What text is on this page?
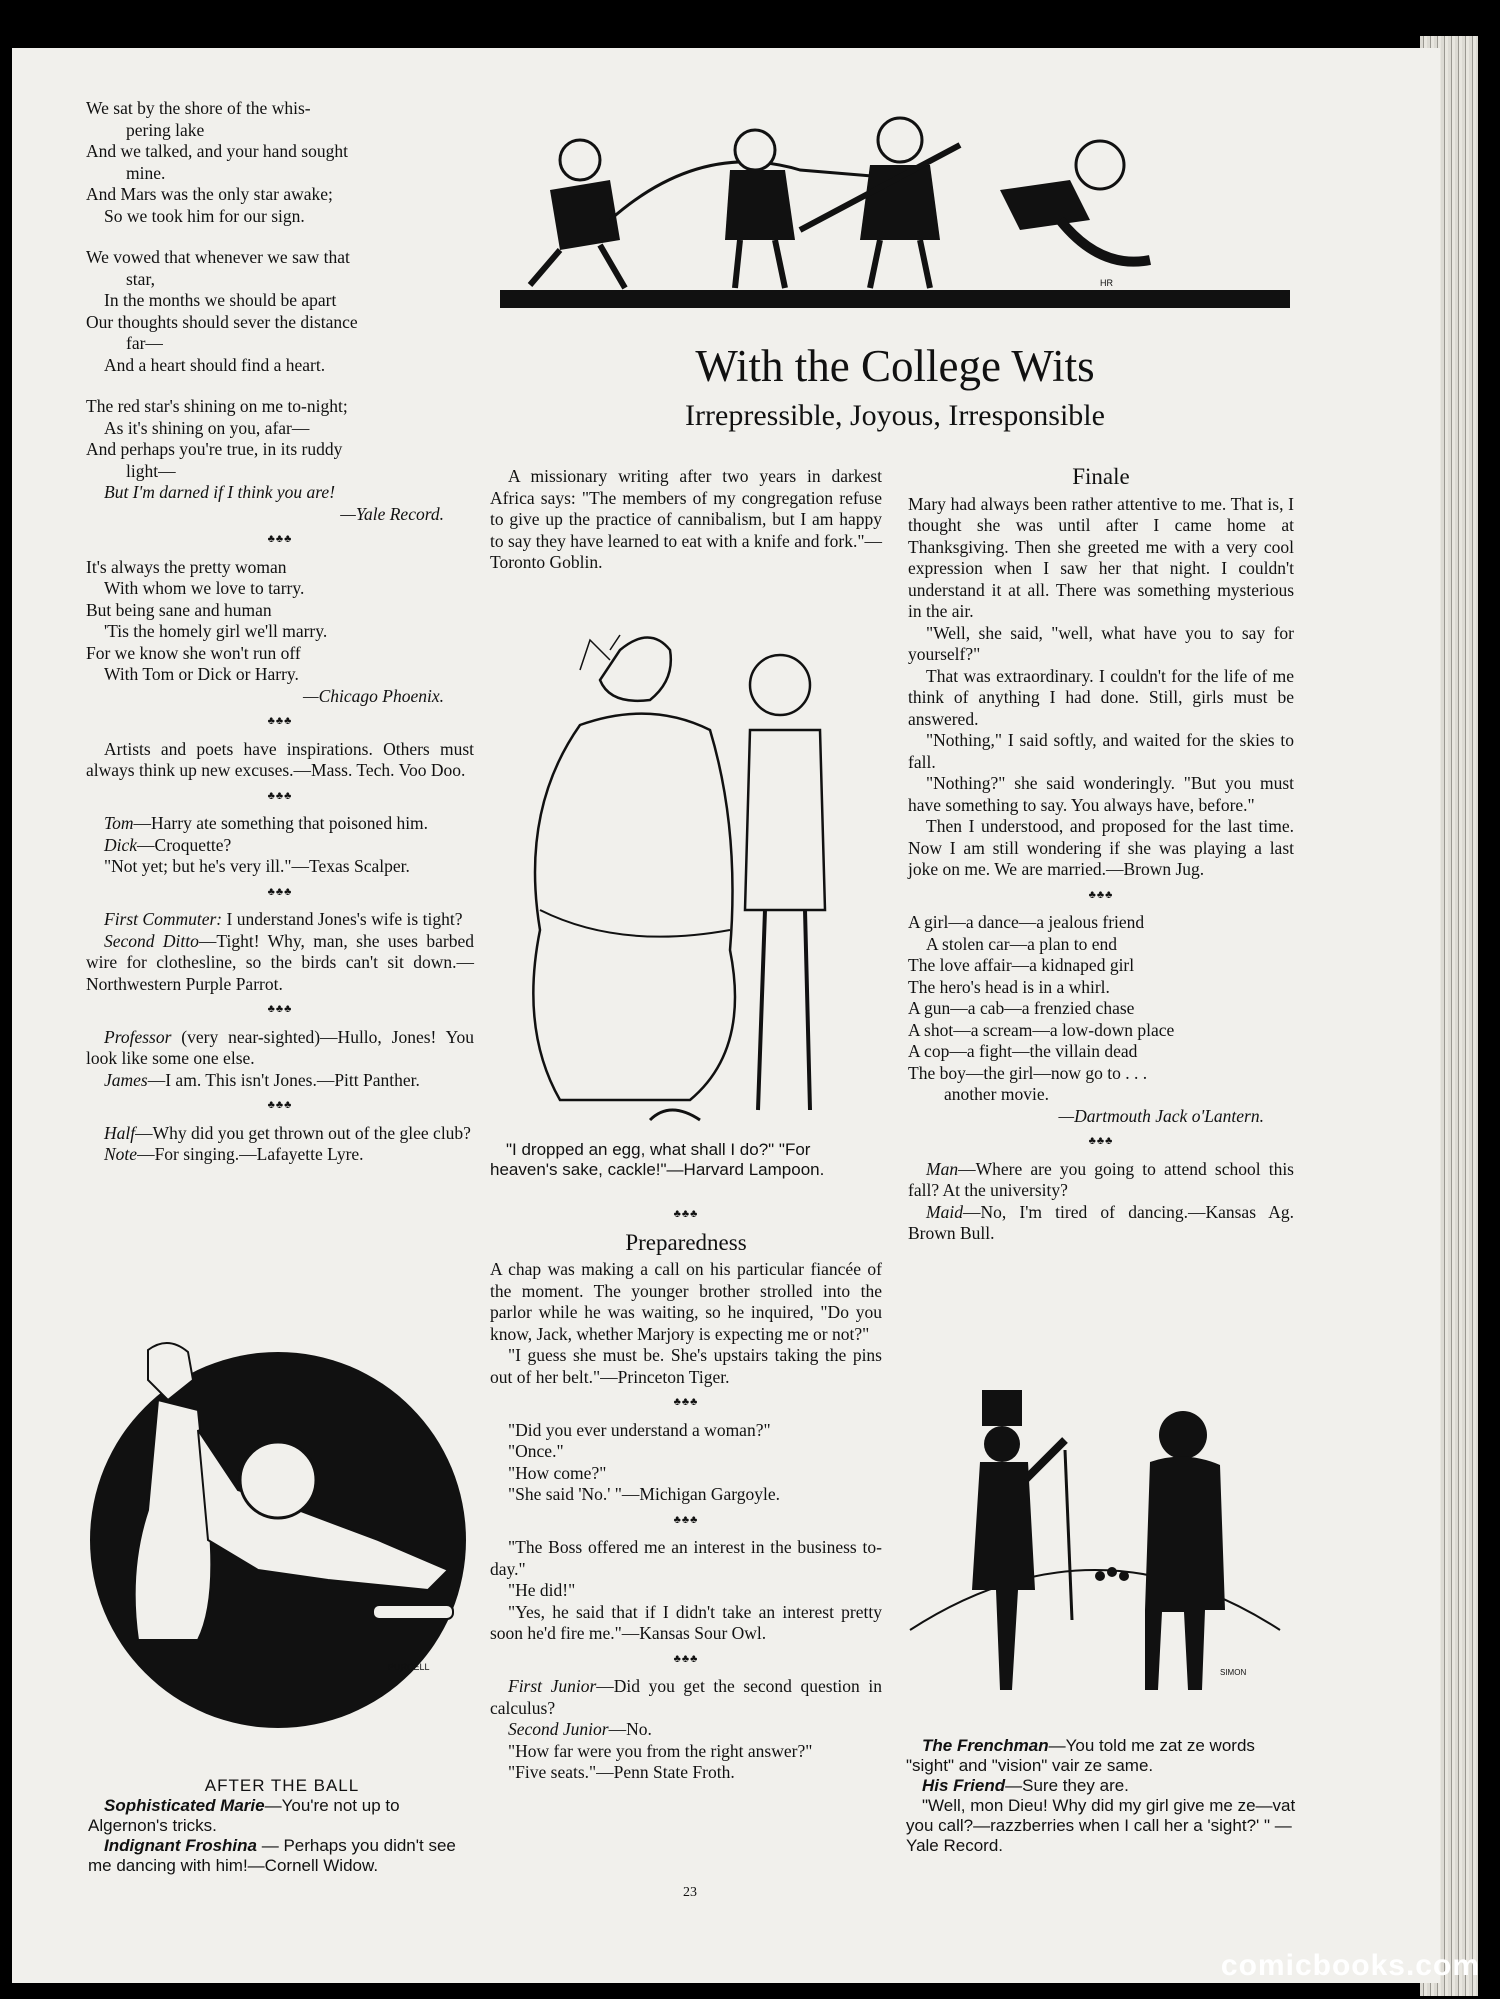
We sat by the shore of the whis-

pering lake

And we talked, and your hand sought

mine.

And Mars was the only star awake;

So we took him for our sign.

We vowed that whenever we saw that

star,

In the months we should be apart

Our thoughts should sever the distance

far—

And a heart should find a heart.

The red star's shining on me to-night;

As it's shining on you, afar—

And perhaps you're true, in its ruddy

light—

But I'm darned if I think you are!

—Yale Record.

♣♣♣

It's always the pretty woman

With whom we love to tarry.

But being sane and human

'Tis the homely girl we'll marry.

For we know she won't run off

With Tom or Dick or Harry.

—Chicago Phoenix.

♣♣♣

Artists and poets have inspirations. Others must always think up new excuses.—Mass. Tech. Voo Doo.

♣♣♣

Tom—Harry ate something that poisoned him.

Dick—Croquette?

"Not yet; but he's very ill."—Texas Scalper.

♣♣♣

First Commuter: I understand Jones's wife is tight?

Second Ditto—Tight! Why, man, she uses barbed wire for clothesline, so the birds can't sit down.—Northwestern Purple Parrot.

♣♣♣

Professor (very near-sighted)—Hullo, Jones! You look like some one else.

James—I am. This isn't Jones.—Pitt Panther.

♣♣♣

Half—Why did you get thrown out of the glee club?

Note—For singing.—Lafayette Lyre.

PURCELL

AFTER THE BALL

Sophisticated Marie—You're not up to Algernon's tricks.

Indignant Froshina — Perhaps you didn't see me dancing with him!—Cornell Widow.

HR
With the College Wits
Irrepressible, Joyous, Irresponsible

A missionary writing after two years in darkest Africa says: "The members of my congregation refuse to give up the practice of cannibalism, but I am happy to say they have learned to eat with a knife and fork."—Toronto Goblin.

"I dropped an egg, what shall I do?" "For heaven's sake, cackle!"—Harvard Lampoon.

♣♣♣
Preparedness

A chap was making a call on his particular fiancée of the moment. The younger brother strolled into the parlor while he was waiting, so he inquired, "Do you know, Jack, whether Marjory is expecting me or not?"

"I guess she must be. She's upstairs taking the pins out of her belt."—Princeton Tiger.

♣♣♣

"Did you ever understand a woman?"

"Once."

"How come?"

"She said 'No.' "—Michigan Gargoyle.

♣♣♣

"The Boss offered me an interest in the business to-day."

"He did!"

"Yes, he said that if I didn't take an interest pretty soon he'd fire me."—Kansas Sour Owl.

♣♣♣

First Junior—Did you get the second question in calculus?

Second Junior—No.

"How far were you from the right answer?"

"Five seats."—Penn State Froth.

23
Finale

Mary had always been rather attentive to me. That is, I thought she was until after I came home at Thanksgiving. Then she greeted me with a very cool expression when I saw her that night. I couldn't understand it at all. There was something mysterious in the air.

"Well, she said, "well, what have you to say for yourself?"

That was extraordinary. I couldn't for the life of me think of anything I had done. Still, girls must be answered.

"Nothing," I said softly, and waited for the skies to fall.

"Nothing?" she said wonderingly. "But you must have something to say. You always have, before."

Then I understood, and proposed for the last time. Now I am still wondering if she was playing a last joke on me. We are married.—Brown Jug.

♣♣♣

A girl—a dance—a jealous friend

A stolen car—a plan to end

The love affair—a kidnaped girl

The hero's head is in a whirl.

A gun—a cab—a frenzied chase

A shot—a scream—a low-down place

A cop—a fight—the villain dead

The boy—the girl—now go to . . .

another movie.

—Dartmouth Jack o'Lantern.

♣♣♣

Man—Where are you going to attend school this fall? At the university?

Maid—No, I'm tired of dancing.—Kansas Ag. Brown Bull.

SIMON

The Frenchman—You told me zat ze words "sight" and "vision" vair ze same.

His Friend—Sure they are.

"Well, mon Dieu! Why did my girl give me ze—vat you call?—razzberries when I call her a 'sight?' " — Yale Record.

comicbooks.com
